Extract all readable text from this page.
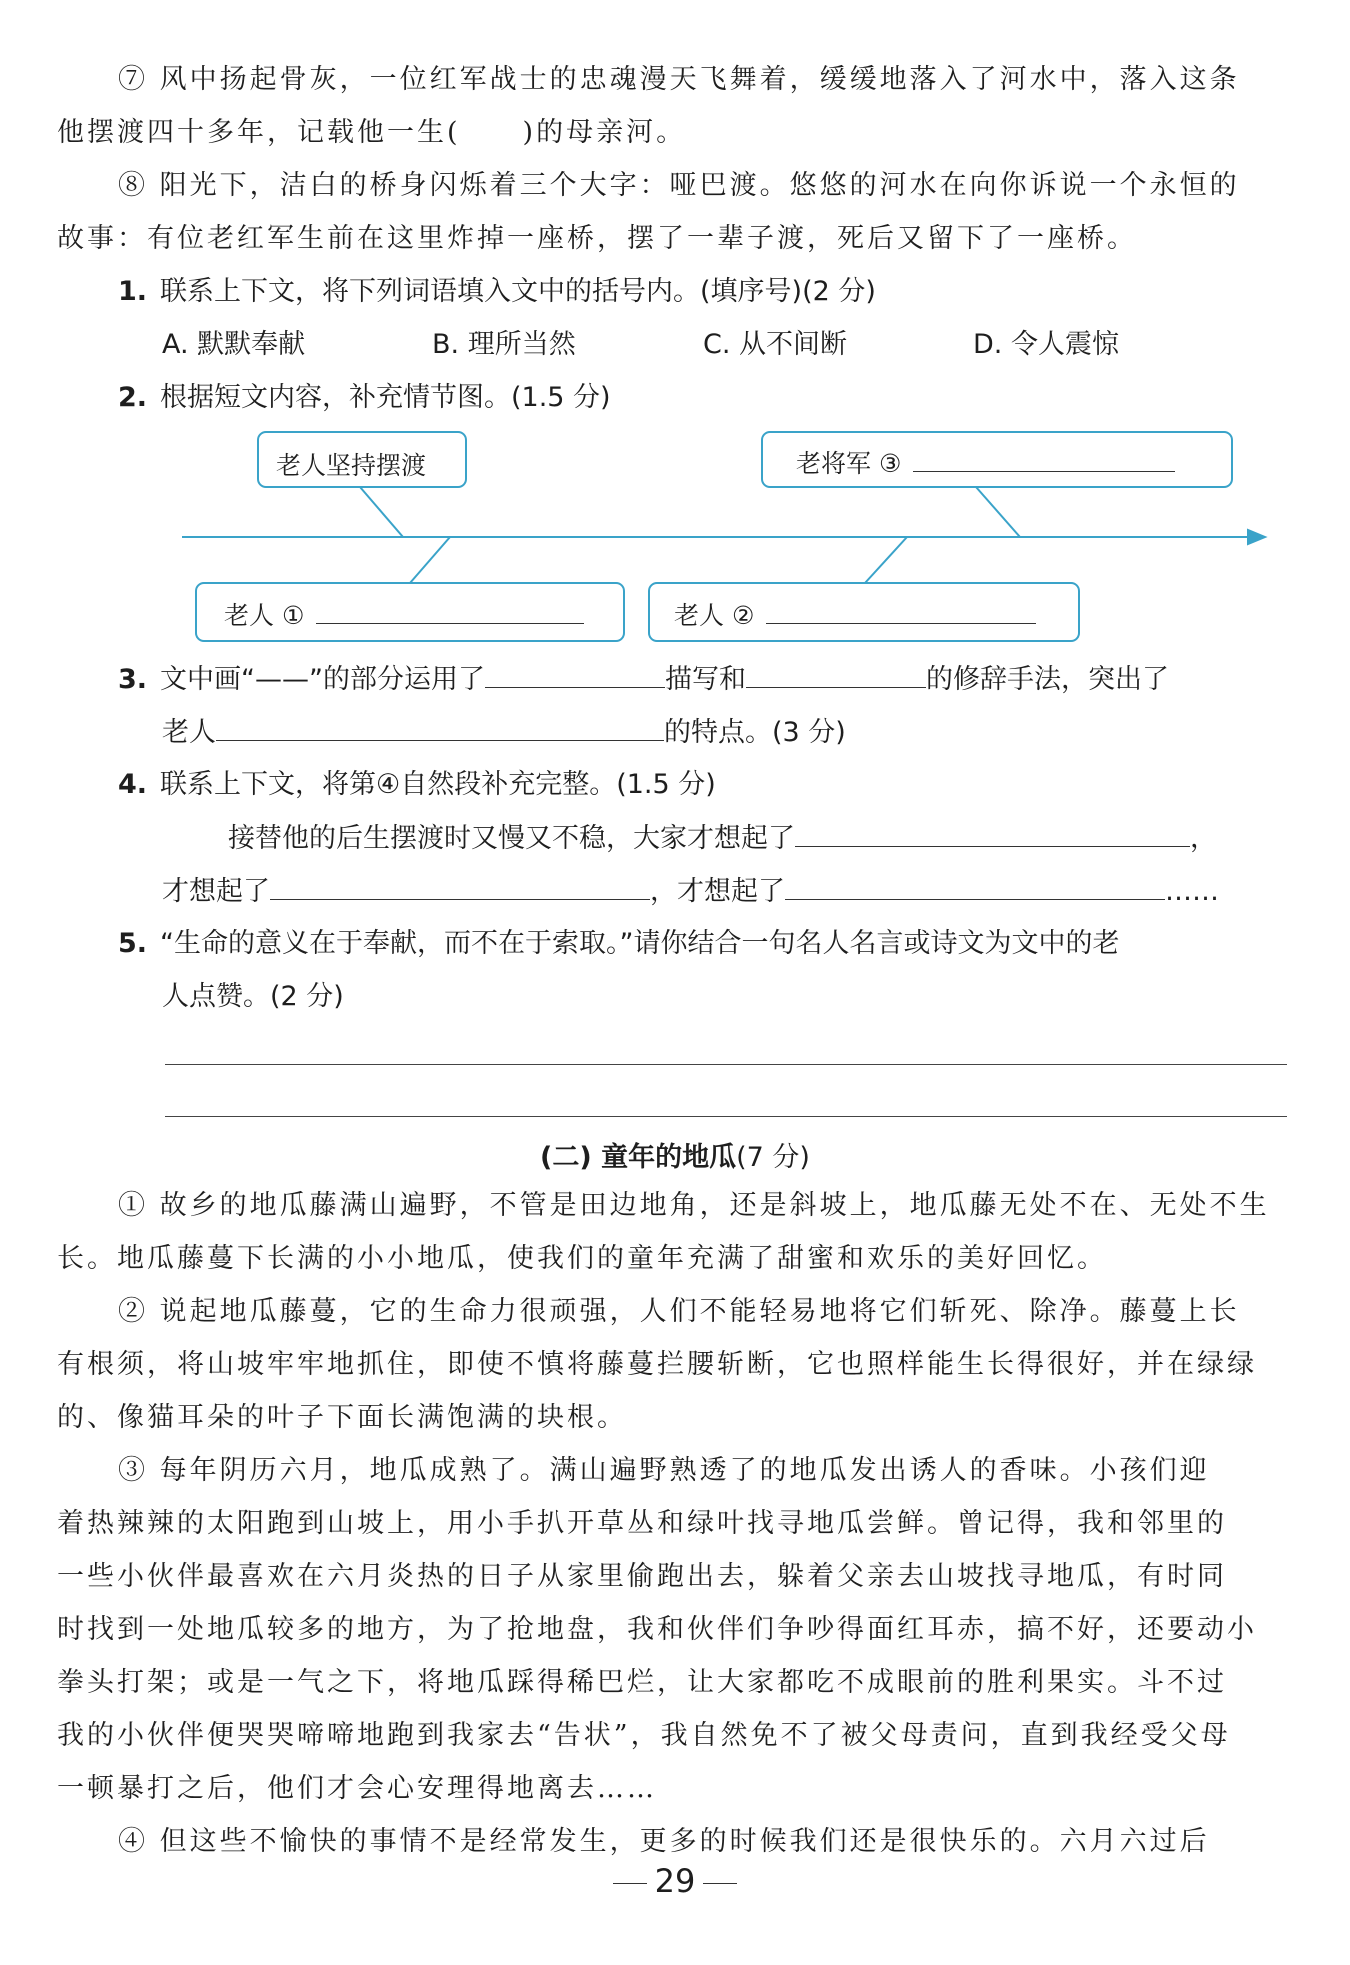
⑦ 风中扬起骨灰，一位红军战士的忠魂漫天飞舞着，缓缓地落入了河水中，落入这条
他摆渡四十多年，记载他一生( )的母亲河。
⑧ 阳光下，洁白的桥身闪烁着三个大字：哑巴渡。悠悠的河水在向你诉说一个永恒的
故事：有位老红军生前在这里炸掉一座桥，摆了一辈子渡，死后又留下了一座桥。
1. 联系上下文，将下列词语填入文中的括号内。(填序号)(2 分)
A. 默默奉献	B. 理所当然	C. 从不间断	D. 令人震惊
2. 根据短文内容，补充情节图。(1.5 分)
老人坚持摆渡	老将军 ③
老人 ①	老人 ②
3. 文中画“——”的部分运用了	描写和	的修辞手法，突出了
老人	的特点。(3 分)
4. 联系上下文，将第④自然段补充完整。(1.5 分)
接替他的后生摆渡时又慢又不稳，大家才想起了	，
才想起了	，才想起了	……
5. “生命的意义在于奉献，而不在于索取。”请你结合一句名人名言或诗文为文中的老
人点赞。(2 分)
(二) 童年的地瓜(7 分)
① 故乡的地瓜藤满山遍野，不管是田边地角，还是斜坡上，地瓜藤无处不在、无处不生
长。地瓜藤蔓下长满的小小地瓜，使我们的童年充满了甜蜜和欢乐的美好回忆。
② 说起地瓜藤蔓，它的生命力很顽强，人们不能轻易地将它们斩死、除净。藤蔓上长
有根须，将山坡牢牢地抓住，即使不慎将藤蔓拦腰斩断，它也照样能生长得很好，并在绿绿
的、像猫耳朵的叶子下面长满饱满的块根。
③ 每年阴历六月，地瓜成熟了。满山遍野熟透了的地瓜发出诱人的香味。小孩们迎
着热辣辣的太阳跑到山坡上，用小手扒开草丛和绿叶找寻地瓜尝鲜。曾记得，我和邻里的
一些小伙伴最喜欢在六月炎热的日子从家里偷跑出去，躲着父亲去山坡找寻地瓜，有时同
时找到一处地瓜较多的地方，为了抢地盘，我和伙伴们争吵得面红耳赤，搞不好，还要动小
拳头打架；或是一气之下，将地瓜踩得稀巴烂，让大家都吃不成眼前的胜利果实。斗不过
我的小伙伴便哭哭啼啼地跑到我家去“告状”，我自然免不了被父母责问，直到我经受父母
一顿暴打之后，他们才会心安理得地离去……
④ 但这些不愉快的事情不是经常发生，更多的时候我们还是很快乐的。六月六过后
29
